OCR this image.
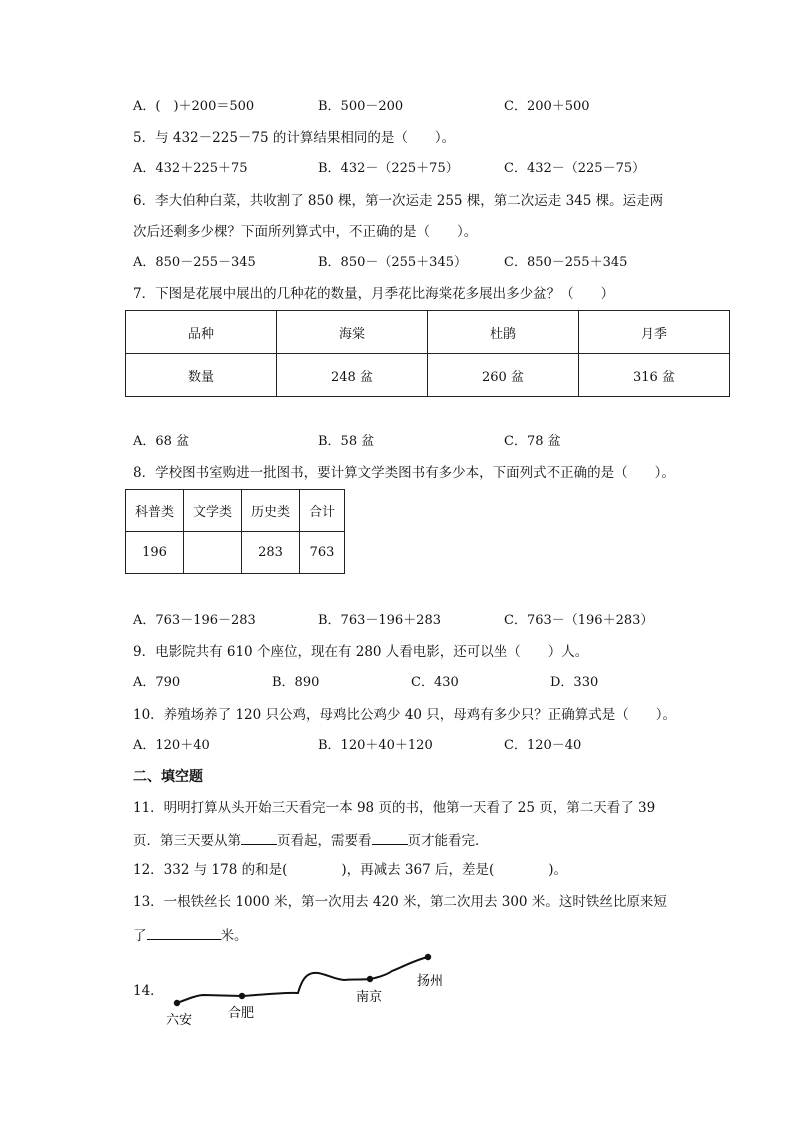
A．(　)＋200＝500	B．500－200	C．200＋500
5．与 432－225－75 的计算结果相同的是（　　）。
A．432＋225＋75	B．432－（225＋75）	C．432－（225－75）
6．李大伯种白菜，共收割了 850 棵，第一次运走 255 棵，第二次运走 345 棵。运走两
次后还剩多少棵？下面所列算式中，不正确的是（　　）。
A．850－255－345	B．850－（255＋345）	C．850－255＋345
7．下图是花展中展出的几种花的数量，月季花比海棠花多展出多少盆？（　　）
品种	海棠	杜鹃	月季
数量	248 盆	260 盆	316 盆
A．68 盆	B．58 盆	C．78 盆
8．学校图书室购进一批图书，要计算文学类图书有多少本，下面列式不正确的是（　　）。
科普类	文学类	历史类	合计
196		283	763
A．763－196－283	B．763－196＋283	C．763－（196＋283）
9．电影院共有 610 个座位，现在有 280 人看电影，还可以坐（　　）人。
A．790	B．890	C．430	D．330
10．养殖场养了 120 只公鸡，母鸡比公鸡少 40 只，母鸡有多少只？正确算式是（　　）。
A．120＋40	B．120＋40＋120	C．120－40
二、填空题
11．明明打算从头开始三天看完一本 98 页的书，他第一天看了 25 页，第二天看了 39
页．第三天要从第	页看起，需要看	页才能看完．
12．332 与 178 的和是(　　　　)，再减去 367 后，差是(　　　　)。
13．一根铁丝长 1000 米，第一次用去 420 米，第二次用去 300 米。这时铁丝比原来短
了	米。
14．
六安	合肥
南京
扬州
